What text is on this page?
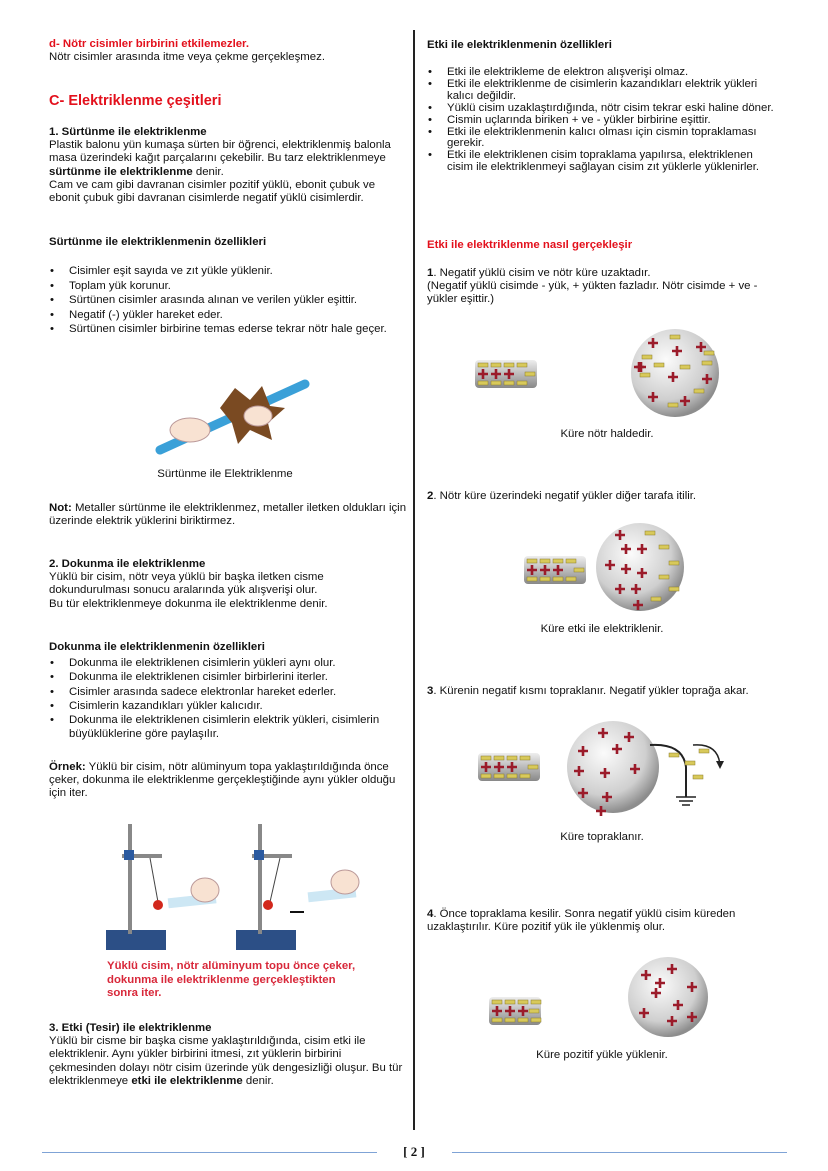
d- Nötr cisimler birbirini etkilemezler.
Nötr cisimler arasında itme veya çekme gerçekleşmez.
C- Elektriklenme çeşitleri
1. Sürtünme ile elektriklenme
Plastik balonu yün kumaşa sürten bir öğrenci, elektriklenmiş balonla masa üzerindeki kağıt parçalarını çekebilir. Bu tarz elektriklenmeye sürtünme ile elektriklenme denir.
Cam ve cam gibi davranan cisimler pozitif yüklü, ebonit çubuk ve ebonit çubuk gibi davranan cisimlerde negatif yüklü cisimlerdir.
Sürtünme ile elektriklenmenin özellikleri
• Cisimler eşit sayıda ve zıt yükle yüklenir.
• Toplam yük korunur.
• Sürtünen cisimler arasında alınan ve verilen yükler eşittir.
• Negatif (-) yükler hareket eder.
• Sürtünen cisimler birbirine temas ederse tekrar nötr hale geçer.
Sürtünme ile Elektriklenme
Not: Metaller sürtünme ile elektriklenmez, metaller iletken oldukları için üzerinde elektrik yüklerini biriktirmez.
2. Dokunma ile elektriklenme
Yüklü bir cisim, nötr veya yüklü bir başka iletken cisme dokundurulması sonucu aralarında yük alışverişi olur.
Bu tür elektriklenmeye dokunma ile elektriklenme denir.
Dokunma ile elektriklenmenin özellikleri
• Dokunma ile elektriklenen cisimlerin yükleri aynı olur.
• Dokunma ile elektriklenen cisimler birbirlerini iterler.
• Cisimler arasında sadece elektronlar hareket ederler.
• Cisimlerin kazandıkları yükler kalıcıdır.
• Dokunma ile elektriklenen cisimlerin elektrik yükleri, cisimlerin büyüklüklerine göre paylaşılır.
Örnek: Yüklü bir cisim, nötr alüminyum topa yaklaştırıldığında önce çeker, dokunma ile elektriklenme gerçekleştiğinde aynı yükler olduğu için iter.
Yüklü cisim, nötr alüminyum topu önce çeker, dokunma ile elektriklenme gerçekleştikten sonra iter.
3. Etki (Tesir) ile elektriklenme
Yüklü bir cisme bir başka cisme yaklaştırıldığında, cisim etki ile elektriklenir. Aynı yükler birbirini itmesi, zıt yüklerin birbirini çekmesinden dolayı nötr cisim üzerinde yük dengesizliği oluşur. Bu tür elektriklenmeye etki ile elektriklenme denir.
Etki ile elektriklenmenin özellikleri
• Etki ile elektrikleme de elektron alışverişi olmaz.
• Etki ile elektriklenme de cisimlerin kazandıkları elektrik yükleri kalıcı değildir.
• Yüklü cisim uzaklaştırdığında, nötr cisim tekrar eski haline döner.
• Cismin uçlarında biriken + ve - yükler birbirine eşittir.
• Etki ile elektriklenmenin kalıcı olması için cismin topraklaması gerekir.
• Etki ile elektriklenen cisim topraklama yapılırsa, elektriklenen cisim ile elektriklenmeyi sağlayan cisim zıt yüklerle yüklenirler.
Etki ile elektriklenme nasıl gerçekleşir
1. Negatif yüklü cisim ve nötr küre uzaktadır.
(Negatif yüklü cisimde - yük, + yükten fazladır. Nötr cisimde + ve - yükler eşittir.)
Küre nötr haldedir.
2. Nötr küre üzerindeki negatif yükler diğer tarafa itilir.
Küre etki ile elektriklenir.
3. Kürenin negatif kısmı topraklanır. Negatif yükler toprağa akar.
Küre topraklanır.
4. Önce topraklama kesilir. Sonra negatif yüklü cisim küreden uzaklaştırılır. Küre pozitif yük ile yüklenmiş olur.
Küre pozitif yükle yüklenir.
[ 2 ]
